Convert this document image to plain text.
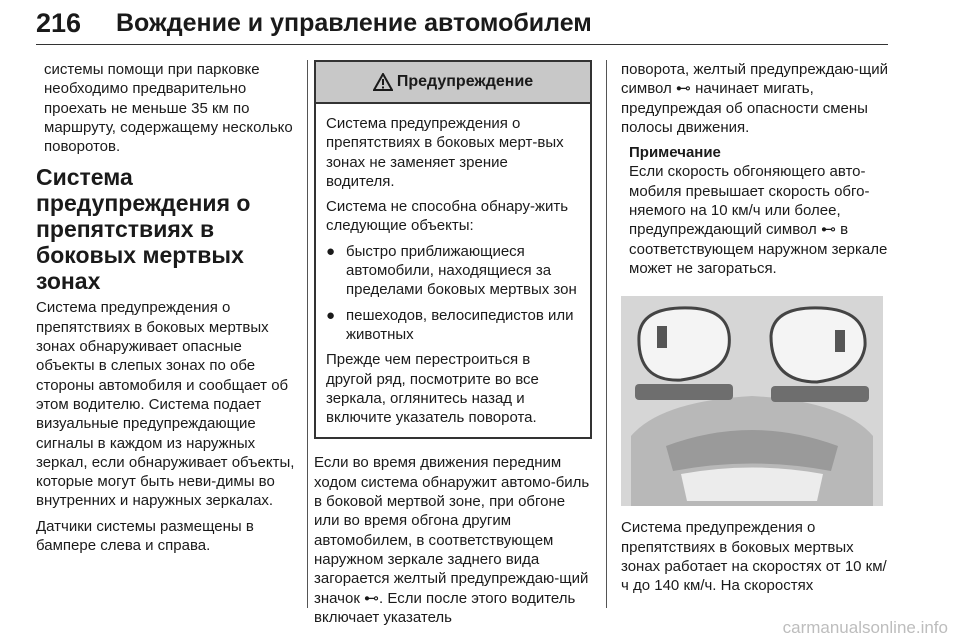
216 Вождение и управление автомобилем

системы помощи при парковке необходимо предварительно проехать не меньше 35 км по маршруту, содержащему несколько поворотов.

Система предупреждения о препятствиях в боковых мертвых зонах

Система предупреждения о препятствиях в боковых мертвых зонах обнаруживает опасные объекты в слепых зонах по обе стороны автомобиля и сообщает об этом водителю. Система подает визуальные предупреждающие сигналы в каждом из наружных зеркал, если обнаруживает объекты, которые могут быть неви-димы во внутренних и наружных зеркалах.

Датчики системы размещены в бампере слева и справа.

Предупреждение

Система предупреждения о препятствиях в боковых мерт-вых зонах не заменяет зрение водителя.

Система не способна обнару-жить следующие объекты:

● быстро приближающиеся автомобили, находящиеся за пределами боковых мертвых зон
● пешеходов, велосипедистов или животных

Прежде чем перестроиться в другой ряд, посмотрите во все зеркала, оглянитесь назад и включите указатель поворота.

Если во время движения передним ходом система обнаружит автомо-биль в боковой мертвой зоне, при обгоне или во время обгона другим автомобилем, в соответствующем наружном зеркале заднего вида загорается желтый предупреждаю-щий значок ⊷. Если после этого водитель включает указатель

поворота, желтый предупреждаю-щий символ ⊷ начинает мигать, предупреждая об опасности смены полосы движения.

Примечание
Если скорость обгоняющего авто-мобиля превышает скорость обго-няемого на 10 км/ч или более, предупреждающий символ ⊷ в соответствующем наружном зеркале может не загораться.

Система предупреждения о препятствиях в боковых мертвых зонах работает на скоростях от 10 км/ч до 140 км/ч. На скоростях

carmanualsonline.info
